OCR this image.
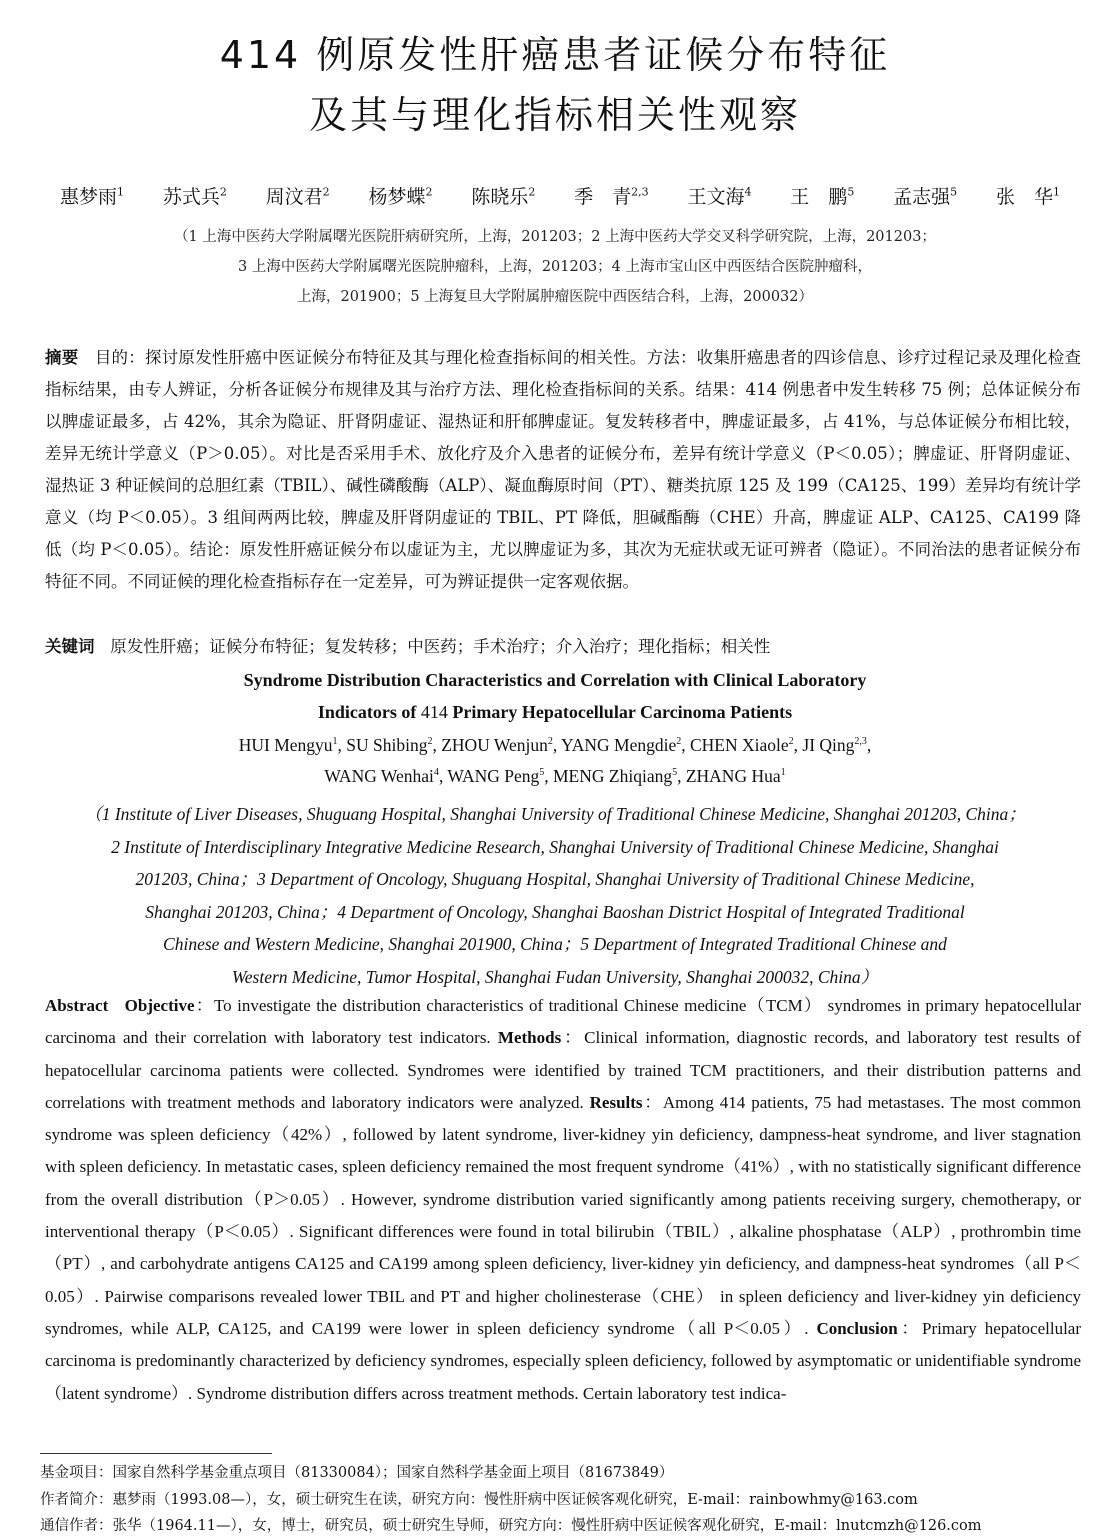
414 例原发性肝癌患者证候分布特征
及其与理化指标相关性观察
惠梦雨$^1$ 苏式兵$^2$ 周汶君$^2$ 杨梦蝶$^2$ 陈晓乐$^2$ 季　青$^{2,3}$ 王文海$^4$ 王　鹏$^5$ 孟志强$^5$ 张　华$^1$
（1 上海中医药大学附属曙光医院肝病研究所，上海，201203；2 上海中医药大学交叉科学研究院，上海，201203；
3 上海中医药大学附属曙光医院肿瘤科，上海，201203；4 上海市宝山区中西医结合医院肿瘤科，
上海，201900；5 上海复旦大学附属肿瘤医院中西医结合科，上海，200032）
摘要 目的：探讨原发性肝癌中医证候分布特征及其与理化检查指标间的相关性。方法：收集肝癌患者的四诊信息、诊疗过程记录及理化检查指标结果，由专人辨证，分析各证候分布规律及其与治疗方法、理化检查指标间的关系。结果：414 例患者中发生转移 75 例；总体证候分布以脾虚证最多，占 42%，其余为隐证、肝肾阴虚证、湿热证和肝郁脾虚证。复发转移者中，脾虚证最多，占 41%，与总体证候分布相比较，差异无统计学意义（P＞0.05）。对比是否采用手术、放化疗及介入患者的证候分布，差异有统计学意义（P＜0.05）；脾虚证、肝肾阴虚证、湿热证 3 种证候间的总胆红素（TBIL）、碱性磷酸酶（ALP）、凝血酶原时间（PT）、糖类抗原 125 及 199（CA125、199）差异均有统计学意义（均 P＜0.05）。3 组间两两比较，脾虚及肝肾阴虚证的 TBIL、PT 降低，胆碱酯酶（CHE）升高，脾虚证 ALP、CA125、CA199 降低（均 P＜0.05）。结论：原发性肝癌证候分布以虚证为主，尤以脾虚证为多，其次为无症状或无证可辨者（隐证）。不同治法的患者证候分布特征不同。不同证候的理化检查指标存在一定差异，可为辨证提供一定客观依据。
关键词 原发性肝癌；证候分布特征；复发转移；中医药；手术治疗；介入治疗；理化指标；相关性
Syndrome Distribution Characteristics and Correlation with Clinical Laboratory
Indicators of 414 Primary Hepatocellular Carcinoma Patients
HUI Mengyu$^1$, SU Shibing$^2$, ZHOU Wenjun$^2$, YANG Mengdie$^2$, CHEN Xiaole$^2$, JI Qing$^{2,3}$,
WANG Wenhai$^4$, WANG Peng$^5$, MENG Zhiqiang$^5$, ZHANG Hua$^1$
（1 Institute of Liver Diseases, Shuguang Hospital, Shanghai University of Traditional Chinese Medicine, Shanghai 201203, China；
2 Institute of Interdisciplinary Integrative Medicine Research, Shanghai University of Traditional Chinese Medicine, Shanghai
201203, China；3 Department of Oncology, Shuguang Hospital, Shanghai University of Traditional Chinese Medicine,
Shanghai 201203, China；4 Department of Oncology, Shanghai Baoshan District Hospital of Integrated Traditional
Chinese and Western Medicine, Shanghai 201900, China；5 Department of Integrated Traditional Chinese and
Western Medicine, Tumor Hospital, Shanghai Fudan University, Shanghai 200032, China）
Abstract Objective：To investigate the distribution characteristics of traditional Chinese medicine（TCM） syndromes in primary hepatocellular carcinoma and their correlation with laboratory test indicators. Methods：Clinical information, diagnostic records, and laboratory test results of hepatocellular carcinoma patients were collected. Syndromes were identified by trained TCM practitioners, and their distribution patterns and correlations with treatment methods and laboratory indicators were analyzed. Results：Among 414 patients, 75 had metastases. The most common syndrome was spleen deficiency（42%）, followed by latent syndrome, liver-kidney yin deficiency, dampness-heat syndrome, and liver stagnation with spleen deficiency. In metastatic cases, spleen deficiency remained the most frequent syndrome（41%）, with no statistically significant difference from the overall distribution（P＞0.05）. However, syndrome distribution varied significantly among patients receiving surgery, chemotherapy, or interventional therapy（P＜0.05）. Significant differences were found in total bilirubin（TBIL）, alkaline phosphatase（ALP）, prothrombin time（PT）, and carbohydrate antigens CA125 and CA199 among spleen deficiency, liver-kidney yin deficiency, and dampness-heat syndromes（all P＜0.05）. Pairwise comparisons revealed lower TBIL and PT and higher cholinesterase（CHE） in spleen deficiency and liver-kidney yin deficiency syndromes, while ALP, CA125, and CA199 were lower in spleen deficiency syndrome（all P＜0.05）. Conclusion：Primary hepatocellular carcinoma is predominantly characterized by deficiency syndromes, especially spleen deficiency, followed by asymptomatic or unidentifiable syndrome（latent syndrome）. Syndrome distribution differs across treatment methods. Certain laboratory test indica-
基金项目：国家自然科学基金重点项目（81330084）；国家自然科学基金面上项目（81673849）
作者简介：惠梦雨（1993.08—），女，硕士研究生在读，研究方向：慢性肝病中医证候客观化研究，E-mail：rainbowhmy@163.com
通信作者：张华（1964.11—），女，博士，研究员，硕士研究生导师，研究方向：慢性肝病中医证候客观化研究，E-mail：lnutcmzh@126.com
